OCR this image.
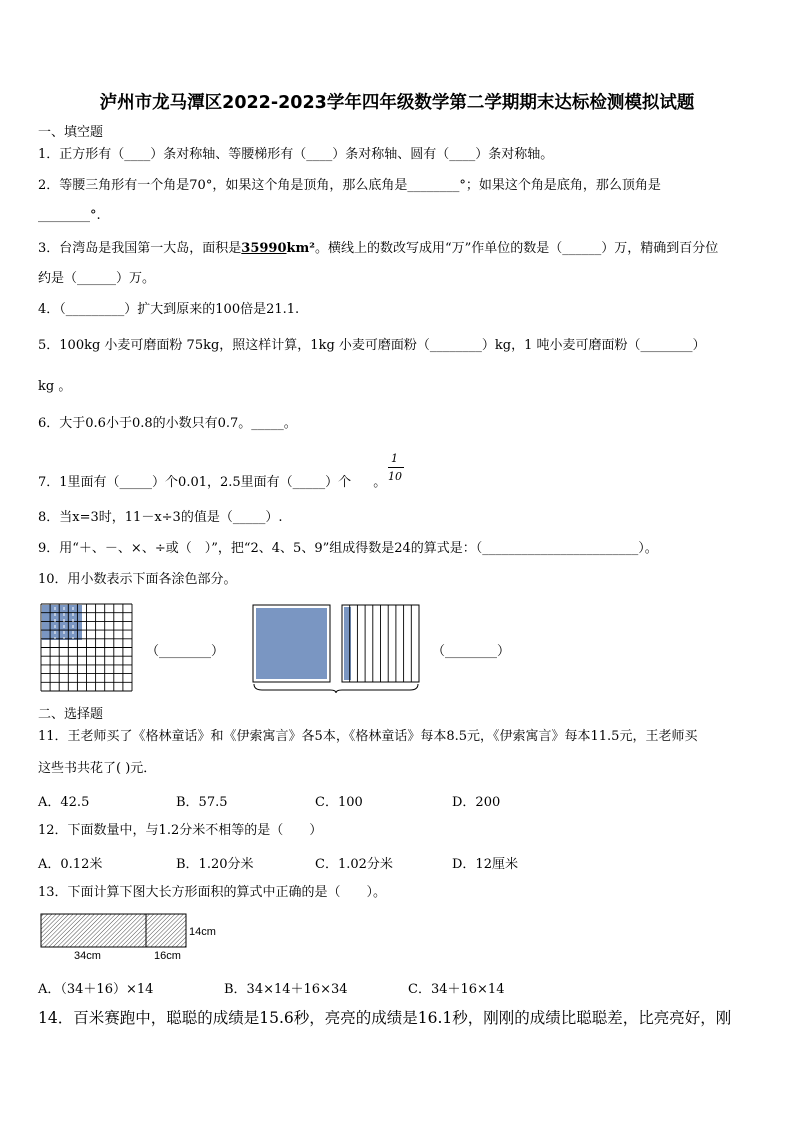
泸州市龙马潭区2022-2023学年四年级数学第二学期期末达标检测模拟试题
一、填空题
1．正方形有（____）条对称轴、等腰梯形有（____）条对称轴、圆有（____）条对称轴。
2．等腰三角形有一个角是70°，如果这个角是顶角，那么底角是________°；如果这个角是底角，那么顶角是
________°.
3．台湾岛是我国第一大岛，面积是35990km²。横线上的数改写成用“万”作单位的数是（______）万，精确到百分位
约是（______）万。
4．（_________）扩大到原来的100倍是21.1.
5．100kg 小麦可磨面粉 75kg，照这样计算，1kg 小麦可磨面粉（________）kg，1 吨小麦可磨面粉（________）
kg 。
6．大于0.6小于0.8的小数只有0.7。_____。
7．1里面有（_____）个0.01，2.5里面有（_____）个 。
1
10
8．当x=3时，11－x÷3的值是（_____）.
9．用“＋、－、×、÷或（　）”，把“2、4、5、9”组成得数是24的算式是：（________________________）。
10．用小数表示下面各涂色部分。
（________）	（________）
二、选择题
11．王老师买了《格林童话》和《伊索寓言》各5本，《格林童话》每本8.5元，《伊索寓言》每本11.5元，王老师买
这些书共花了( )元．
A．42.5	B．57.5	C．100	D．200
12．下面数量中，与1.2分米不相等的是（　　）
A．0.12米	B．1.20分米	C．1.02分米	D．12厘米
13．下面计算下图大长方形面积的算式中正确的是（　　）。
14cm
34cm	16cm
A．（34＋16）×14	B．34×14＋16×34	C．34＋16×14
14．百米赛跑中，聪聪的成绩是15.6秒，亮亮的成绩是16.1秒，刚刚的成绩比聪聪差，比亮亮好，刚
